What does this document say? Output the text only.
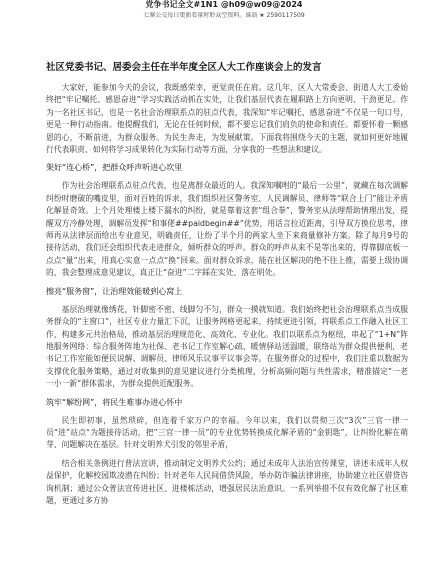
党争书记全文#1N1 @h09@w09@2024
七寨公交每日更新看量时聆众空资料。谁翁 ★ 2590117509
社区党委书记、居委会主任在半年度全区人大工作座谈会上的发言

大家好，能参加今天的会议，我既感荣幸，更觉责任在肩。这几年，区人大常委会、街道人大工委始终把“牢记嘱托、感恩奋进”学习实践活动抓在实处，让我们基层代表在履职路上方向更明、干劲更足。作为一名社区书记，也是一名社会治理联系点的驻点代表，我深知“牢记嘱托、感恩奋进”不仅是一句口号，更是一种行动指南。他提醒我们，无论在任何时候，都不要忘记我们肩负的使命和责任。都要怀着一颗感恩的心，不断前进，为群众服务。为民生奔走，为发展献策。下面我将围绕今天的主题，就如何更好地履行代表职责、如何将学习成果转化为实际行动等方面，分享我的一些想法和建议。

架好“连心桥”，把群众呼声听进心坎里

作为社会治理联系点驻点代表，也是离群众最近的人。我深知嘱咐的“最后一公里”，就藏在每次调解纠纷时磨破的嘴皮里，面对百姓的诉求，我们组织社区警务室、人民调解员、律师等“联合上门”能让矛盾化解显奇效。上个月处理楼上楼下漏水的纠纷，就是靠着这套“组合拳”，警务室从法理帮助情理出发，提醒双方冷静处理，调解员发挥“和事佬##paidbegin##”优势，用话言拉近距离，引导双方换位思考，律师再从法律层面给出专业意见，明确责任，让纷了半个月的两家人坐下来商量修补方案。除了每月9号的接待活动，我们还会组织代表走进群众，倾听群众的呼声。群众的呼声从来不是等出来的，得靠脚底板一点点“量”出来，用真心实意一点点“换”回来。面对群众诉求，能在社区解决的绝不往上推，需要上级协调的，我会整理成意见建议，真正让“奋进”二字踩在实处、落在明处。

擦亮“服务窗”，让治理效能暖到心窝上

基层治理就像绣花，针脚密不密、线脚匀不匀，群众一摸就知道。我们始终把社会治理联系点当成服务群众的“主窗口”，社区专业力量汇下沉，让服务网格更起来，持续更进引领，将联系点工作融入社区工作，构建多元共治格局，推动基层治理规范化、高效化、专业化。我们以联系点为枢纽，串起了“1+N”阵地服务网络：综合服务阵地为社保、老书记工作室解心疏、暖情驿站送温暖，联络站为群众提供便利，老书记工作室能如便民说解、调解员、律师风乐议事平议事会等。在服务群众的过程中，我们注重以数据为支撑优化服务策略，通过对收集到的意见建议进行分类梳理，分析高频问题与共性需求，精准锚定“一老一小一新”群体需求，为群众提供近配服务。

筑牢“解纷网”，将民生难事办进心怀中

民生即初事，虽然琐碎，但连着千家万户的幸福。今年以来，我们以贯彻三次“3次”三官一律一员“进”站点“为题接待活动，把”三官一律一员”的专业优势转换成化解矛盾的“金钥匙”，让纠纷化解在萌芽、问题解决在基层。针对文明养犬引发的邻里矛盾，

结合相关条例进行普法宣讲，推动制定文明养犬公约；通过未成年人法治宣传课堂，讲述未成年人权益保护，化解校园欺凌潜在纠纷；针对老年人民间借贷风险，举办防诈骗法律讲座，协助建立社区借贷咨询机制；通过公众普法宣传进社区、进楼栋活动，增强居民法治意识。一系列举措不仅有效化解了社区难题，更通过多方协
